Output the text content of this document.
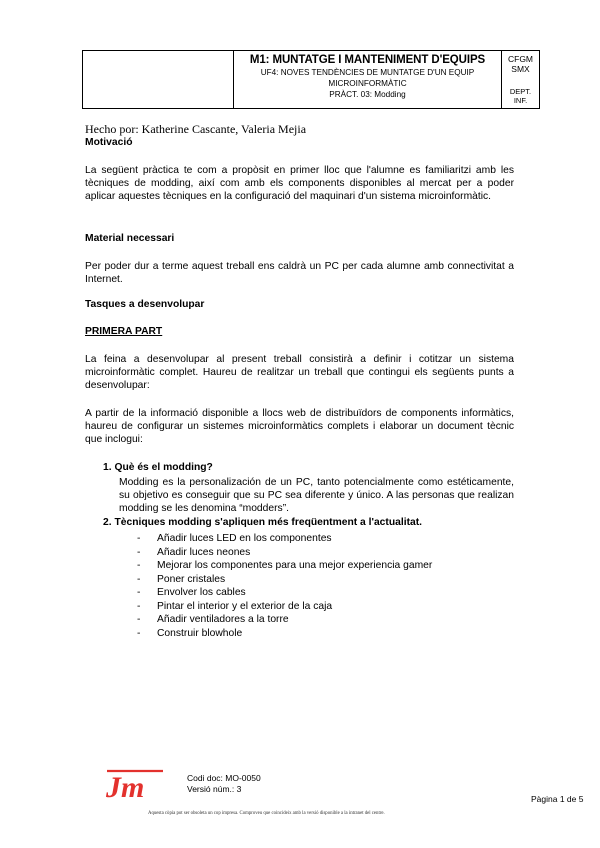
M1: MUNTATGE I MANTENIMENT D'EQUIPS
UF4: NOVES TENDÈNCIES DE MUNTATGE D'UN EQUIP MICROINFORMÀTIC
PRÀCT. 03: Modding
CFGM
SMX
DEPT.
INF.
Hecho por: Katherine Cascante, Valeria Mejia
Motivació
La següent pràctica te com a propòsit en primer lloc que l'alumne es familiaritzi amb les tècniques de modding, així com amb els components disponibles al mercat per a poder aplicar aquestes tècniques en la configuració del maquinari d'un sistema microinformàtic.
Material necessari
Per poder dur a terme aquest treball ens caldrà un PC per cada alumne amb connectivitat a Internet.
Tasques a desenvolupar
PRIMERA PART
La feina a desenvolupar al present treball consistirà a definir i cotitzar un sistema microinformàtic complet. Haureu de realitzar un treball que contingui els següents punts a desenvolupar:
A partir de la informació disponible a llocs web de distribuïdors de components informàtics, haureu de configurar un sistemes microinformàtics complets i elaborar un document tècnic que inclogui:
1. Què és el modding?
Modding es la personalización de un PC, tanto potencialmente como estéticamente, su objetivo es conseguir que su PC sea diferente y único. A las personas que realizan modding se les denomina “modders”.
2. Tècniques modding s'apliquen més freqüentment a l'actualitat.
- Añadir luces LED en los componentes
- Añadir luces neones
- Mejorar los componentes para una mejor experiencia gamer
- Poner cristales
- Envolver los cables
- Pintar el interior y el exterior de la caja
- Añadir ventiladores a la torre
- Construir blowhole
Jm	Codi doc: MO-0050
Versió núm.: 3
Pàgina 1 de 5
Aquesta còpia pot ser obsoleta un cop impresa. Comproveu que coincideix amb la versió disponible a la intranet del centre.
